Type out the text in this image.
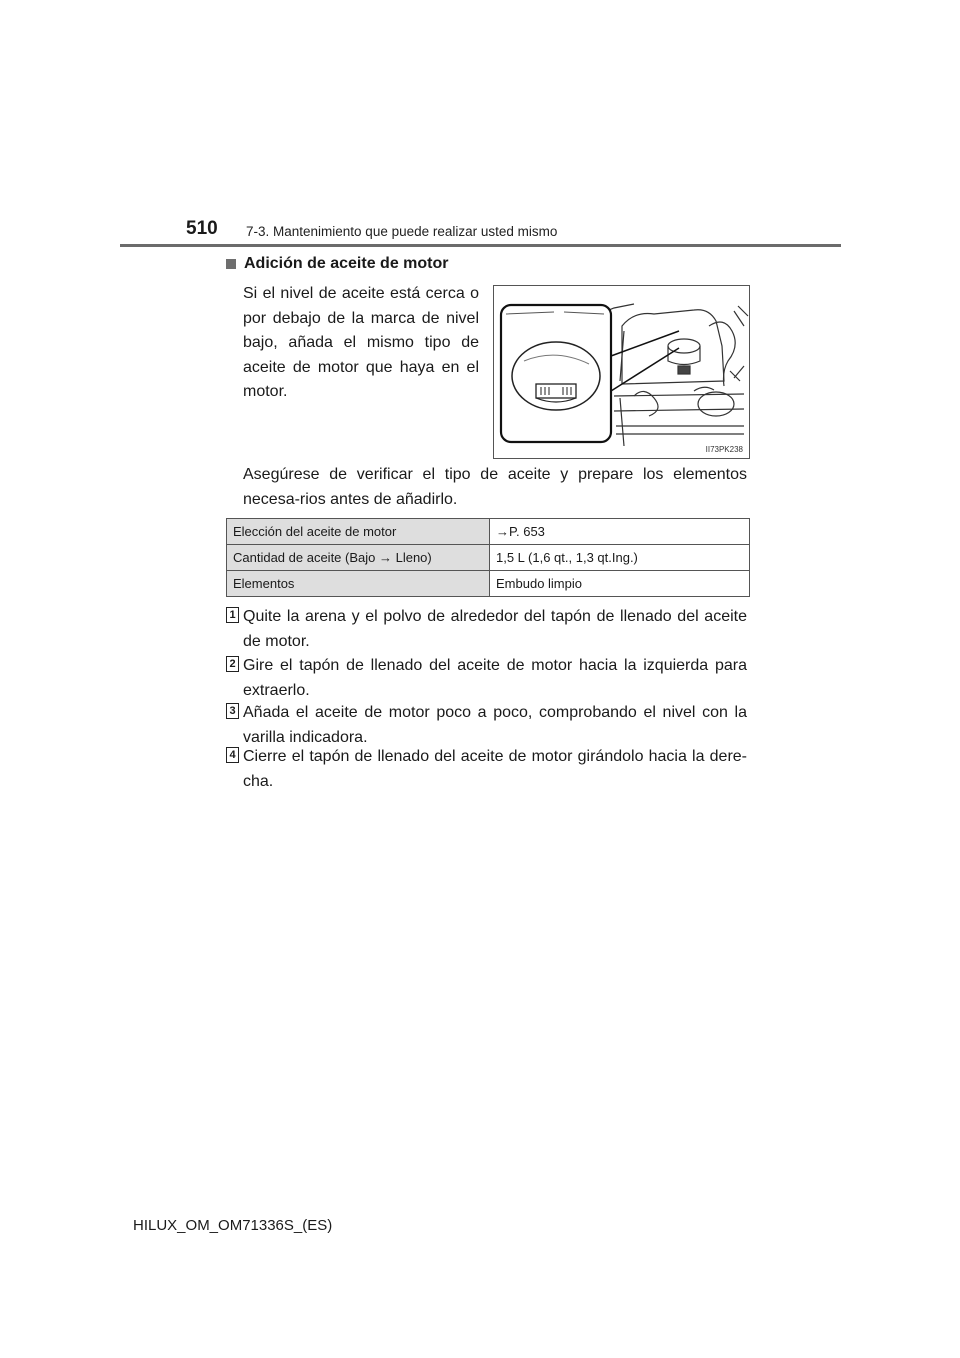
510 7-3. Mantenimiento que puede realizar usted mismo
Adición de aceite de motor
Si el nivel de aceite está cerca o por debajo de la marca de nivel bajo, añada el mismo tipo de aceite de motor que haya en el motor.
II73PK238
Asegúrese de verificar el tipo de aceite y prepare los elementos necesa-rios antes de añadirlo.
Elección del aceite de motor	→P. 653
Cantidad de aceite (Bajo → Lleno)	1,5 L (1,6 qt., 1,3 qt.Ing.)
Elementos	Embudo limpio
1 Quite la arena y el polvo de alrededor del tapón de llenado del aceite de motor.
2 Gire el tapón de llenado del aceite de motor hacia la izquierda para extraerlo.
3 Añada el aceite de motor poco a poco, comprobando el nivel con la varilla indicadora.
4 Cierre el tapón de llenado del aceite de motor girándolo hacia la dere-cha.
HILUX_OM_OM71336S_(ES)
